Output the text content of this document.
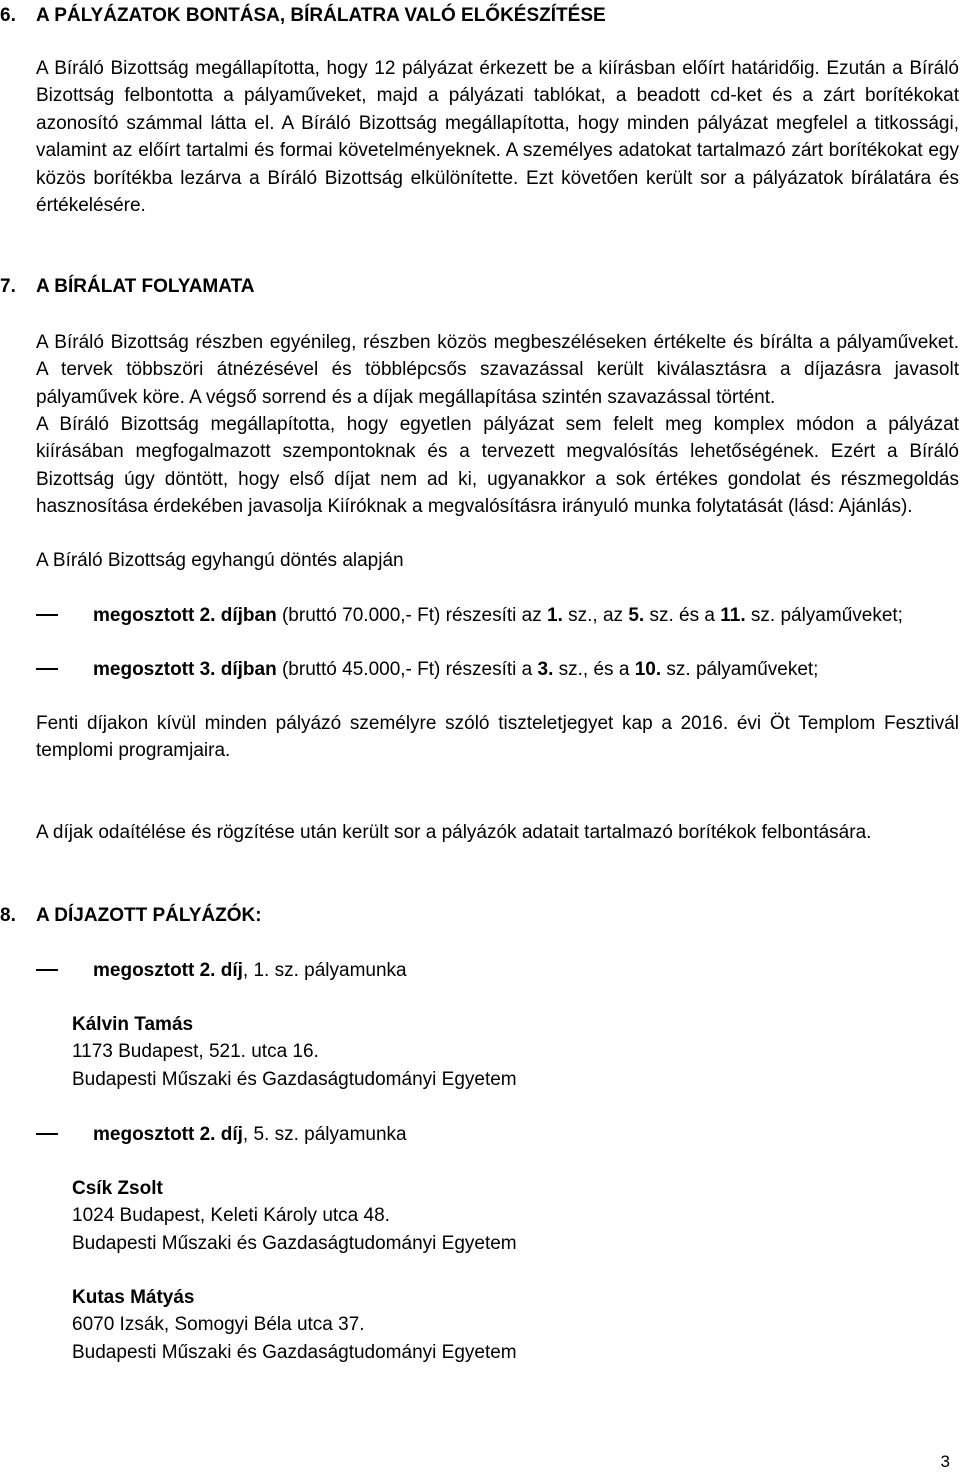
6. A PÁLYÁZATOK BONTÁSA, BÍRÁLATRA VALÓ ELŐKÉSZÍTÉSE
A Bíráló Bizottság megállapította, hogy 12 pályázat érkezett be a kiírásban előírt határidőig. Ezután a Bíráló Bizottság felbontotta a pályaműveket, majd a pályázati tablókat, a beadott cd-ket és a zárt borítékokat azonosító számmal látta el. A Bíráló Bizottság megállapította, hogy minden pályázat megfelel a titkossági, valamint az előírt tartalmi és formai követelményeknek. A személyes adatokat tartalmazó zárt borítékokat egy közös borítékba lezárva a Bíráló Bizottság elkülönítette. Ezt követően került sor a pályázatok bírálatára és értékelésére.
7. A BÍRÁLAT FOLYAMATA
A Bíráló Bizottság részben egyénileg, részben közös megbeszéléseken értékelte és bírálta a pályaműveket. A tervek többszöri átnézésével és többlépcsős szavazással került kiválasztásra a díjazásra javasolt pályaművek köre. A végső sorrend és a díjak megállapítása szintén szavazással történt.
A Bíráló Bizottság megállapította, hogy egyetlen pályázat sem felelt meg komplex módon a pályázat kiírásában megfogalmazott szempontoknak és a tervezett megvalósítás lehetőségének. Ezért a Bíráló Bizottság úgy döntött, hogy első díjat nem ad ki, ugyanakkor a sok értékes gondolat és részmegoldás hasznosítása érdekében javasolja Kiíróknak a megvalósításra irányuló munka folytatását (lásd: Ajánlás).
A Bíráló Bizottság egyhangú döntés alapján
megosztott 2. díjban (bruttó 70.000,- Ft) részesíti az 1. sz., az 5. sz. és a 11. sz. pályaműveket;
megosztott 3. díjban (bruttó 45.000,- Ft) részesíti a 3. sz., és a 10. sz. pályaműveket;
Fenti díjakon kívül minden pályázó személyre szóló tiszteletjegyet kap a 2016. évi Öt Templom Fesztivál templomi programjaira.
A díjak odaítélése és rögzítése után került sor a pályázók adatait tartalmazó borítékok felbontására.
8. A DÍJAZOTT PÁLYÁZÓK:
megosztott 2. díj, 1. sz. pályamunka
Kálvin Tamás
1173 Budapest, 521. utca 16.
Budapesti Műszaki és Gazdaságtudományi Egyetem
megosztott 2. díj, 5. sz. pályamunka
Csík Zsolt
1024 Budapest, Keleti Károly utca 48.
Budapesti Műszaki és Gazdaságtudományi Egyetem
Kutas Mátyás
6070 Izsák, Somogyi Béla utca 37.
Budapesti Műszaki és Gazdaságtudományi Egyetem
3
